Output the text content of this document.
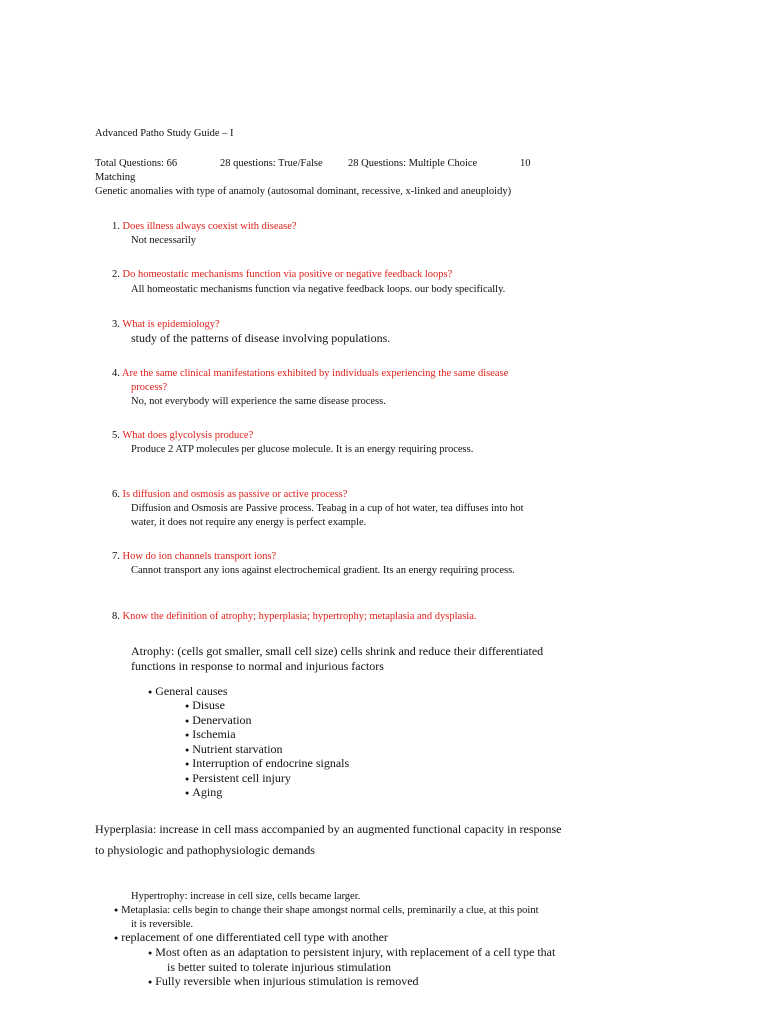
Advanced Patho Study Guide – I
Total Questions: 66	28 questions: True/False 28 Questions: Multiple Choice	10
Matching
Genetic anomalies with type of anamoly (autosomal dominant, recessive, x-linked and aneuploidy)
1. Does illness always coexist with disease?
Not necessarily
2. Do homeostatic mechanisms function via positive or negative feedback loops?
All homeostatic mechanisms function via negative feedback loops. our body specifically.
3. What is epidemiology?
study of the patterns of disease involving populations.
4. Are the same clinical manifestations exhibited by individuals experiencing the same disease
process?
No, not everybody will experience the same disease process.
5. What does glycolysis produce?
Produce 2 ATP molecules per glucose molecule. It is an energy requiring process.
6. Is diffusion and osmosis as passive or active process?
Diffusion and Osmosis are Passive process. Teabag in a cup of hot water, tea diffuses into hot
water, it does not require any energy is perfect example.
7. How do ion channels transport ions?
Cannot transport any ions against electrochemical gradient. Its an energy requiring process.
8. Know the definition of atrophy; hyperplasia; hypertrophy; metaplasia and dysplasia.
Atrophy: (cells got smaller, small cell size) cells shrink and reduce their differentiated
functions in response to normal and injurious factors
● General causes
● Disuse
● Denervation
● Ischemia
● Nutrient starvation
● Interruption of endocrine signals
● Persistent cell injury
● Aging
Hyperplasia: increase in cell mass accompanied by an augmented functional capacity in response
to physiologic and pathophysiologic demands
Hypertrophy: increase in cell size, cells became larger.
● Metaplasia: cells begin to change their shape amongst normal cells, preminarily a clue, at this point
it is reversible.
● replacement of one differentiated cell type with another
● Most often as an adaptation to persistent injury, with replacement of a cell type that
is better suited to tolerate injurious stimulation
● Fully reversible when injurious stimulation is removed
